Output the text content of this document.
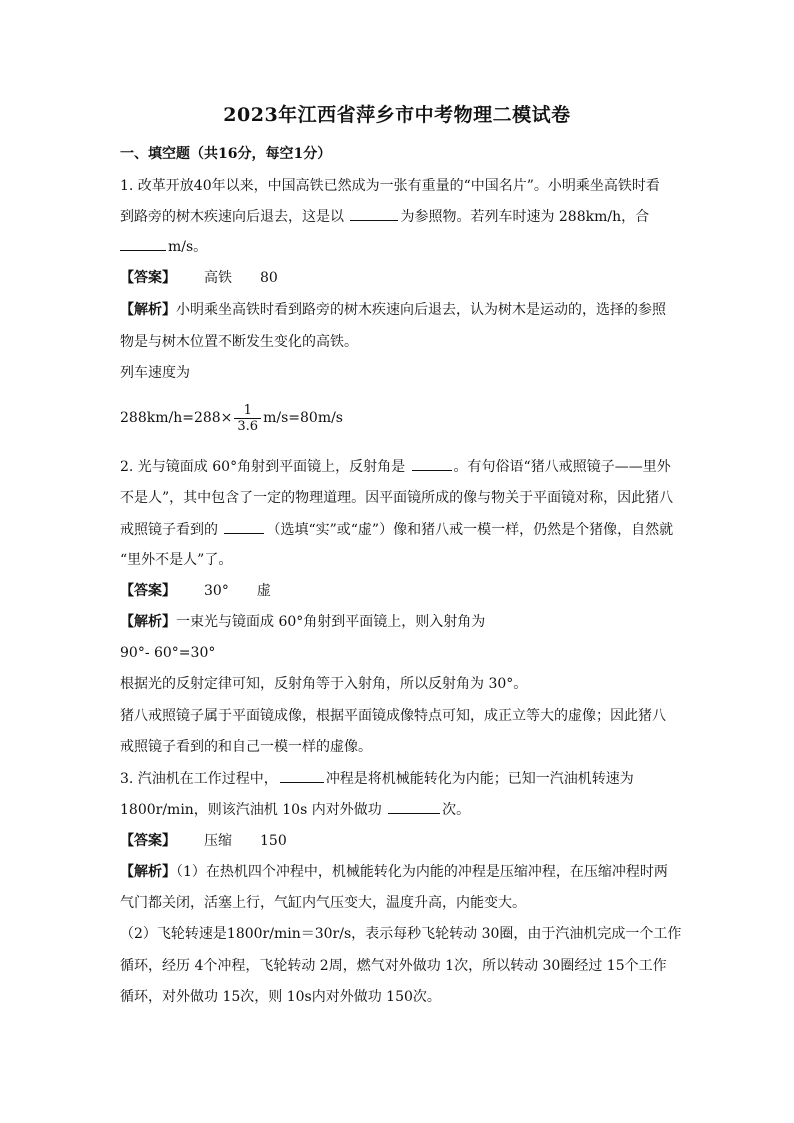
2023年江西省萍乡市中考物理二模试卷
一、填空题（共16分，每空1分）
1. 改革开放40年以来，中国高铁已然成为一张有重量的“中国名片”。小明乘坐高铁时看
到路旁的树木疾速向后退去，这是以	为参照物。若列车时速为 288km/h，合
m/s。
【答案】 高铁 80
【解析】小明乘坐高铁时看到路旁的树木疾速向后退去，认为树木是运动的，选择的参照
物是与树木位置不断发生变化的高铁。
列车速度为
$288km/h=288\times \frac{1}{3.6} m/s=80m/s$
2. 光与镜面成 60°角射到平面镜上，反射角是	。有句俗语“猪八戒照镜子——里外
不是人”，其中包含了一定的物理道理。因平面镜所成的像与物关于平面镜对称，因此猪八
戒照镜子看到的	（选填“实”或“虚”）像和猪八戒一模一样，仍然是个猪像，自然就
“里外不是人”了。
【答案】 30° 虚
【解析】一束光与镜面成 60°角射到平面镜上，则入射角为
90°- 60°=30°
根据光的反射定律可知，反射角等于入射角，所以反射角为 30°。
猪八戒照镜子属于平面镜成像，根据平面镜成像特点可知，成正立等大的虚像；因此猪八
戒照镜子看到的和自己一模一样的虚像。
3. 汽油机在工作过程中，	冲程是将机械能转化为内能；已知一汽油机转速为
1800r/min，则该汽油机 10s 内对外做功	次。
【答案】 压缩 150
【解析】（1）在热机四个冲程中，机械能转化为内能的冲程是压缩冲程，在压缩冲程时两
气门都关闭，活塞上行，气缸内气压变大，温度升高，内能变大。
（2）飞轮转速是1800r/min＝30r/s，表示每秒飞轮转动 30圈，由于汽油机完成一个工作
循环，经历 4个冲程，飞轮转动 2周，燃气对外做功 1次，所以转动 30圈经过 15个工作
循环，对外做功 15次，则 10s内对外做功 150次。
